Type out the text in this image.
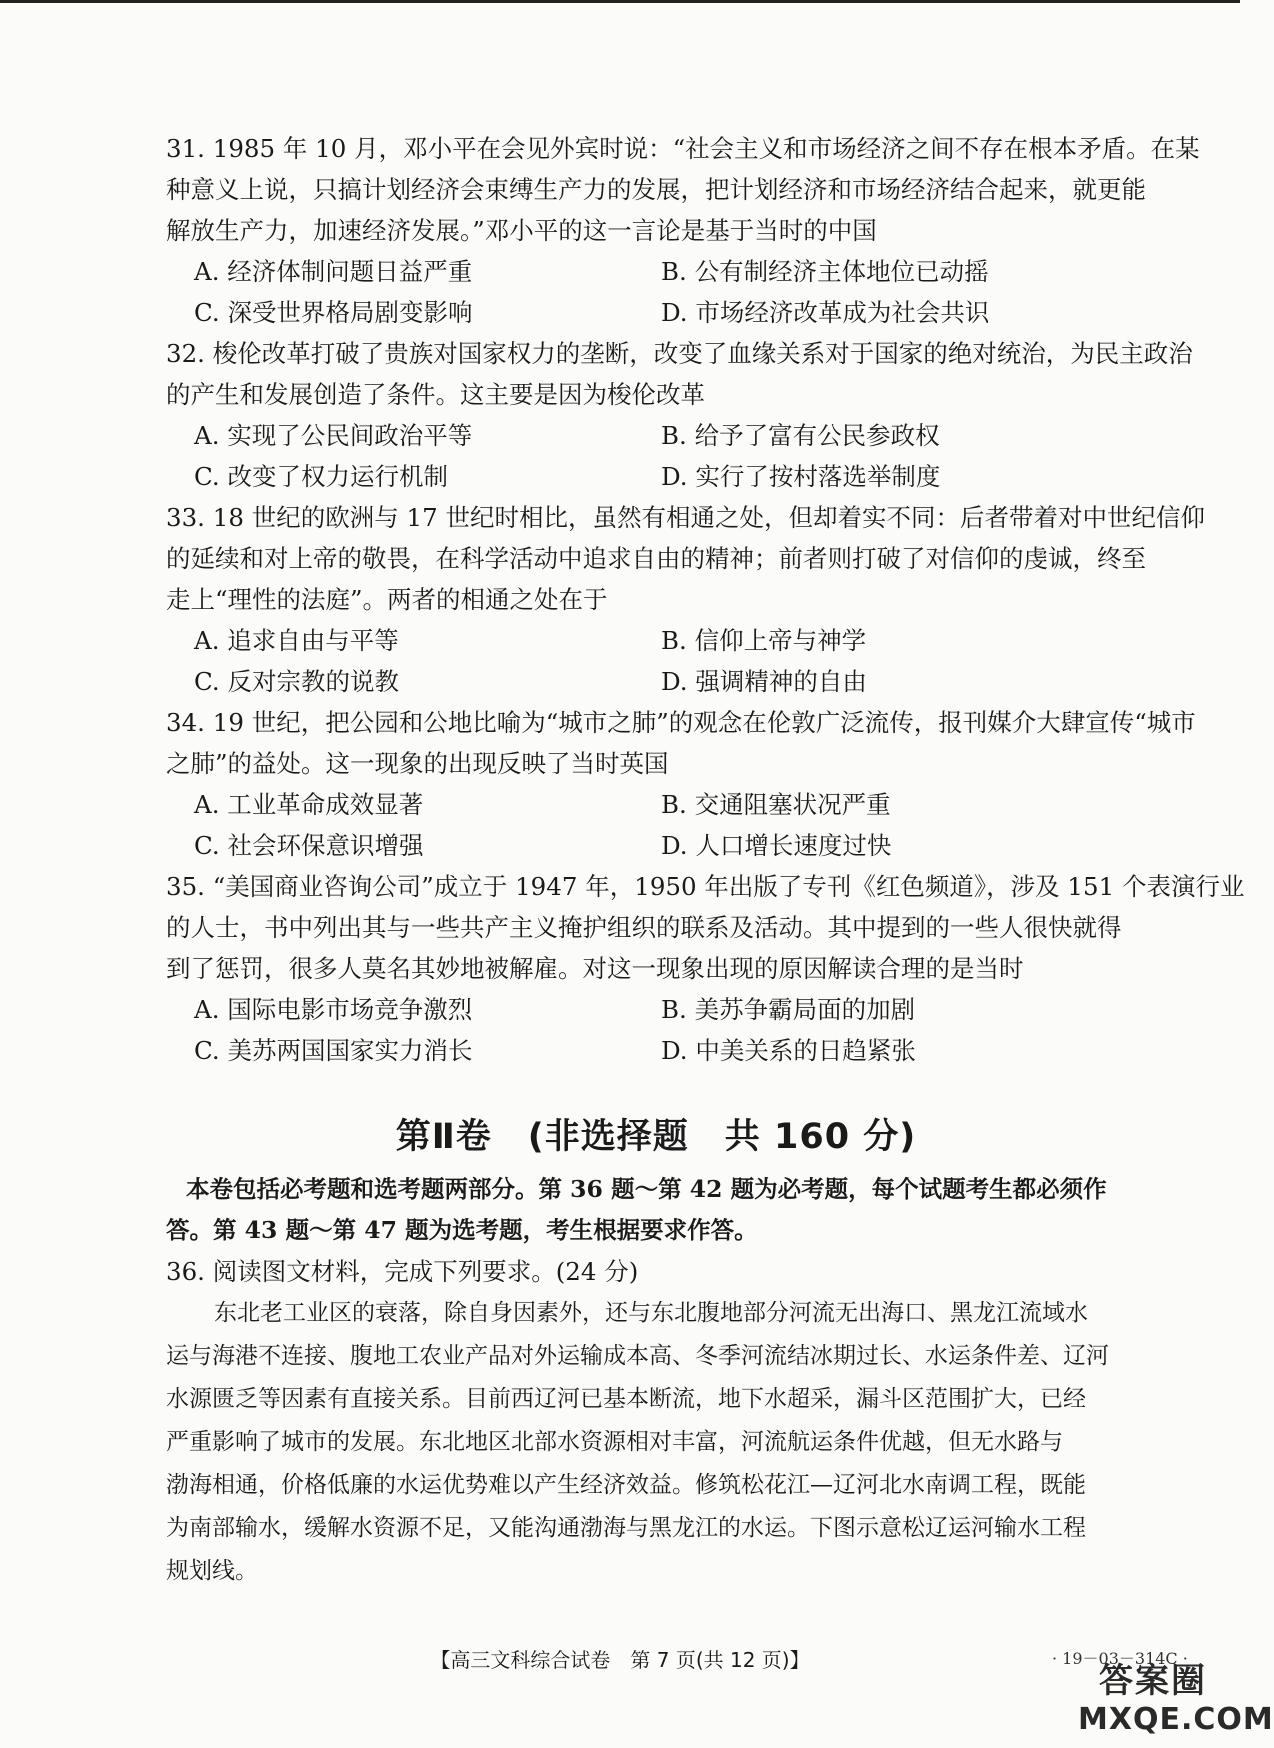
31. 1985 年 10 月，邓小平在会见外宾时说：“社会主义和市场经济之间不存在根本矛盾。在某
种意义上说，只搞计划经济会束缚生产力的发展，把计划经济和市场经济结合起来，就更能
解放生产力，加速经济发展。”邓小平的这一言论是基于当时的中国
A. 经济体制问题日益严重	B. 公有制经济主体地位已动摇
C. 深受世界格局剧变影响	D. 市场经济改革成为社会共识
32. 梭伦改革打破了贵族对国家权力的垄断，改变了血缘关系对于国家的绝对统治，为民主政治
的产生和发展创造了条件。这主要是因为梭伦改革
A. 实现了公民间政治平等	B. 给予了富有公民参政权
C. 改变了权力运行机制	D. 实行了按村落选举制度
33. 18 世纪的欧洲与 17 世纪时相比，虽然有相通之处，但却着实不同：后者带着对中世纪信仰
的延续和对上帝的敬畏，在科学活动中追求自由的精神；前者则打破了对信仰的虔诚，终至
走上“理性的法庭”。两者的相通之处在于
A. 追求自由与平等	B. 信仰上帝与神学
C. 反对宗教的说教	D. 强调精神的自由
34. 19 世纪，把公园和公地比喻为“城市之肺”的观念在伦敦广泛流传，报刊媒介大肆宣传“城市
之肺”的益处。这一现象的出现反映了当时英国
A. 工业革命成效显著	B. 交通阻塞状况严重
C. 社会环保意识增强	D. 人口增长速度过快
35. “美国商业咨询公司”成立于 1947 年，1950 年出版了专刊《红色频道》，涉及 151 个表演行业
的人士，书中列出其与一些共产主义掩护组织的联系及活动。其中提到的一些人很快就得
到了惩罚，很多人莫名其妙地被解雇。对这一现象出现的原因解读合理的是当时
A. 国际电影市场竞争激烈	B. 美苏争霸局面的加剧
C. 美苏两国国家实力消长	D. 中美关系的日趋紧张
第Ⅱ卷　(非选择题　共 160 分)
本卷包括必考题和选考题两部分。第 36 题～第 42 题为必考题，每个试题考生都必须作
答。第 43 题～第 47 题为选考题，考生根据要求作答。
36. 阅读图文材料，完成下列要求。(24 分)
东北老工业区的衰落，除自身因素外，还与东北腹地部分河流无出海口、黑龙江流域水
运与海港不连接、腹地工农业产品对外运输成本高、冬季河流结冰期过长、水运条件差、辽河
水源匮乏等因素有直接关系。目前西辽河已基本断流，地下水超采，漏斗区范围扩大，已经
严重影响了城市的发展。东北地区北部水资源相对丰富，河流航运条件优越，但无水路与
渤海相通，价格低廉的水运优势难以产生经济效益。修筑松花江—辽河北水南调工程，既能
为南部输水，缓解水资源不足，又能沟通渤海与黑龙江的水运。下图示意松辽运河输水工程
规划线。
【高三文科综合试卷　第 7 页(共 12 页)】	· 19－03－314C ·
答案圈
MXQE.COM
